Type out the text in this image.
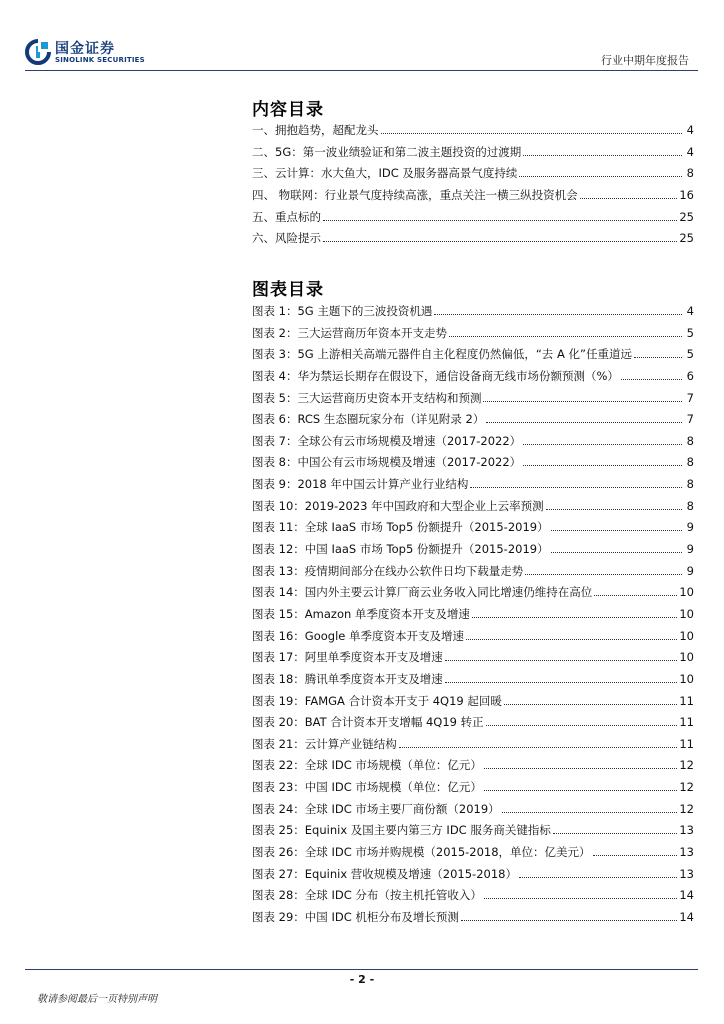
国金证券
SINOLINK SECURITIES	行业中期年度报告
内容目录
一、拥抱趋势，超配龙头	4
二、5G：第一波业绩验证和第二波主题投资的过渡期	4
三、云计算：水大鱼大，IDC 及服务器高景气度持续	8
四、 物联网：行业景气度持续高涨，重点关注一横三纵投资机会	16
五、重点标的	25
六、风险提示	25
图表目录
图表 1：5G 主题下的三波投资机遇	4
图表 2：三大运营商历年资本开支走势	5
图表 3：5G 上游相关高端元器件自主化程度仍然偏低，“去 A 化”任重道远	5
图表 4：华为禁运长期存在假设下，通信设备商无线市场份额预测（%）	6
图表 5：三大运营商历史资本开支结构和预测	7
图表 6：RCS 生态圈玩家分布（详见附录 2）	7
图表 7：全球公有云市场规模及增速（2017-2022）	8
图表 8：中国公有云市场规模及增速（2017-2022）	8
图表 9：2018 年中国云计算产业行业结构	8
图表 10：2019-2023 年中国政府和大型企业上云率预测	8
图表 11：全球 IaaS 市场 Top5 份额提升（2015-2019）	9
图表 12：中国 IaaS 市场 Top5 份额提升（2015-2019）	9
图表 13：疫情期间部分在线办公软件日均下载量走势	9
图表 14：国内外主要云计算厂商云业务收入同比增速仍维持在高位	10
图表 15：Amazon 单季度资本开支及增速	10
图表 16：Google 单季度资本开支及增速	10
图表 17：阿里单季度资本开支及增速	10
图表 18：腾讯单季度资本开支及增速	10
图表 19：FAMGA 合计资本开支于 4Q19 起回暖	11
图表 20：BAT 合计资本开支增幅 4Q19 转正	11
图表 21：云计算产业链结构	11
图表 22：全球 IDC 市场规模（单位：亿元）	12
图表 23：中国 IDC 市场规模（单位：亿元）	12
图表 24：全球 IDC 市场主要厂商份额（2019）	12
图表 25：Equinix 及国主要内第三方 IDC 服务商关键指标	13
图表 26：全球 IDC 市场并购规模（2015-2018，单位：亿美元）	13
图表 27：Equinix 营收规模及增速（2015-2018）	13
图表 28：全球 IDC 分布（按主机托管收入）	14
图表 29：中国 IDC 机柜分布及增长预测	14
- 2 -
敬请参阅最后一页特别声明
